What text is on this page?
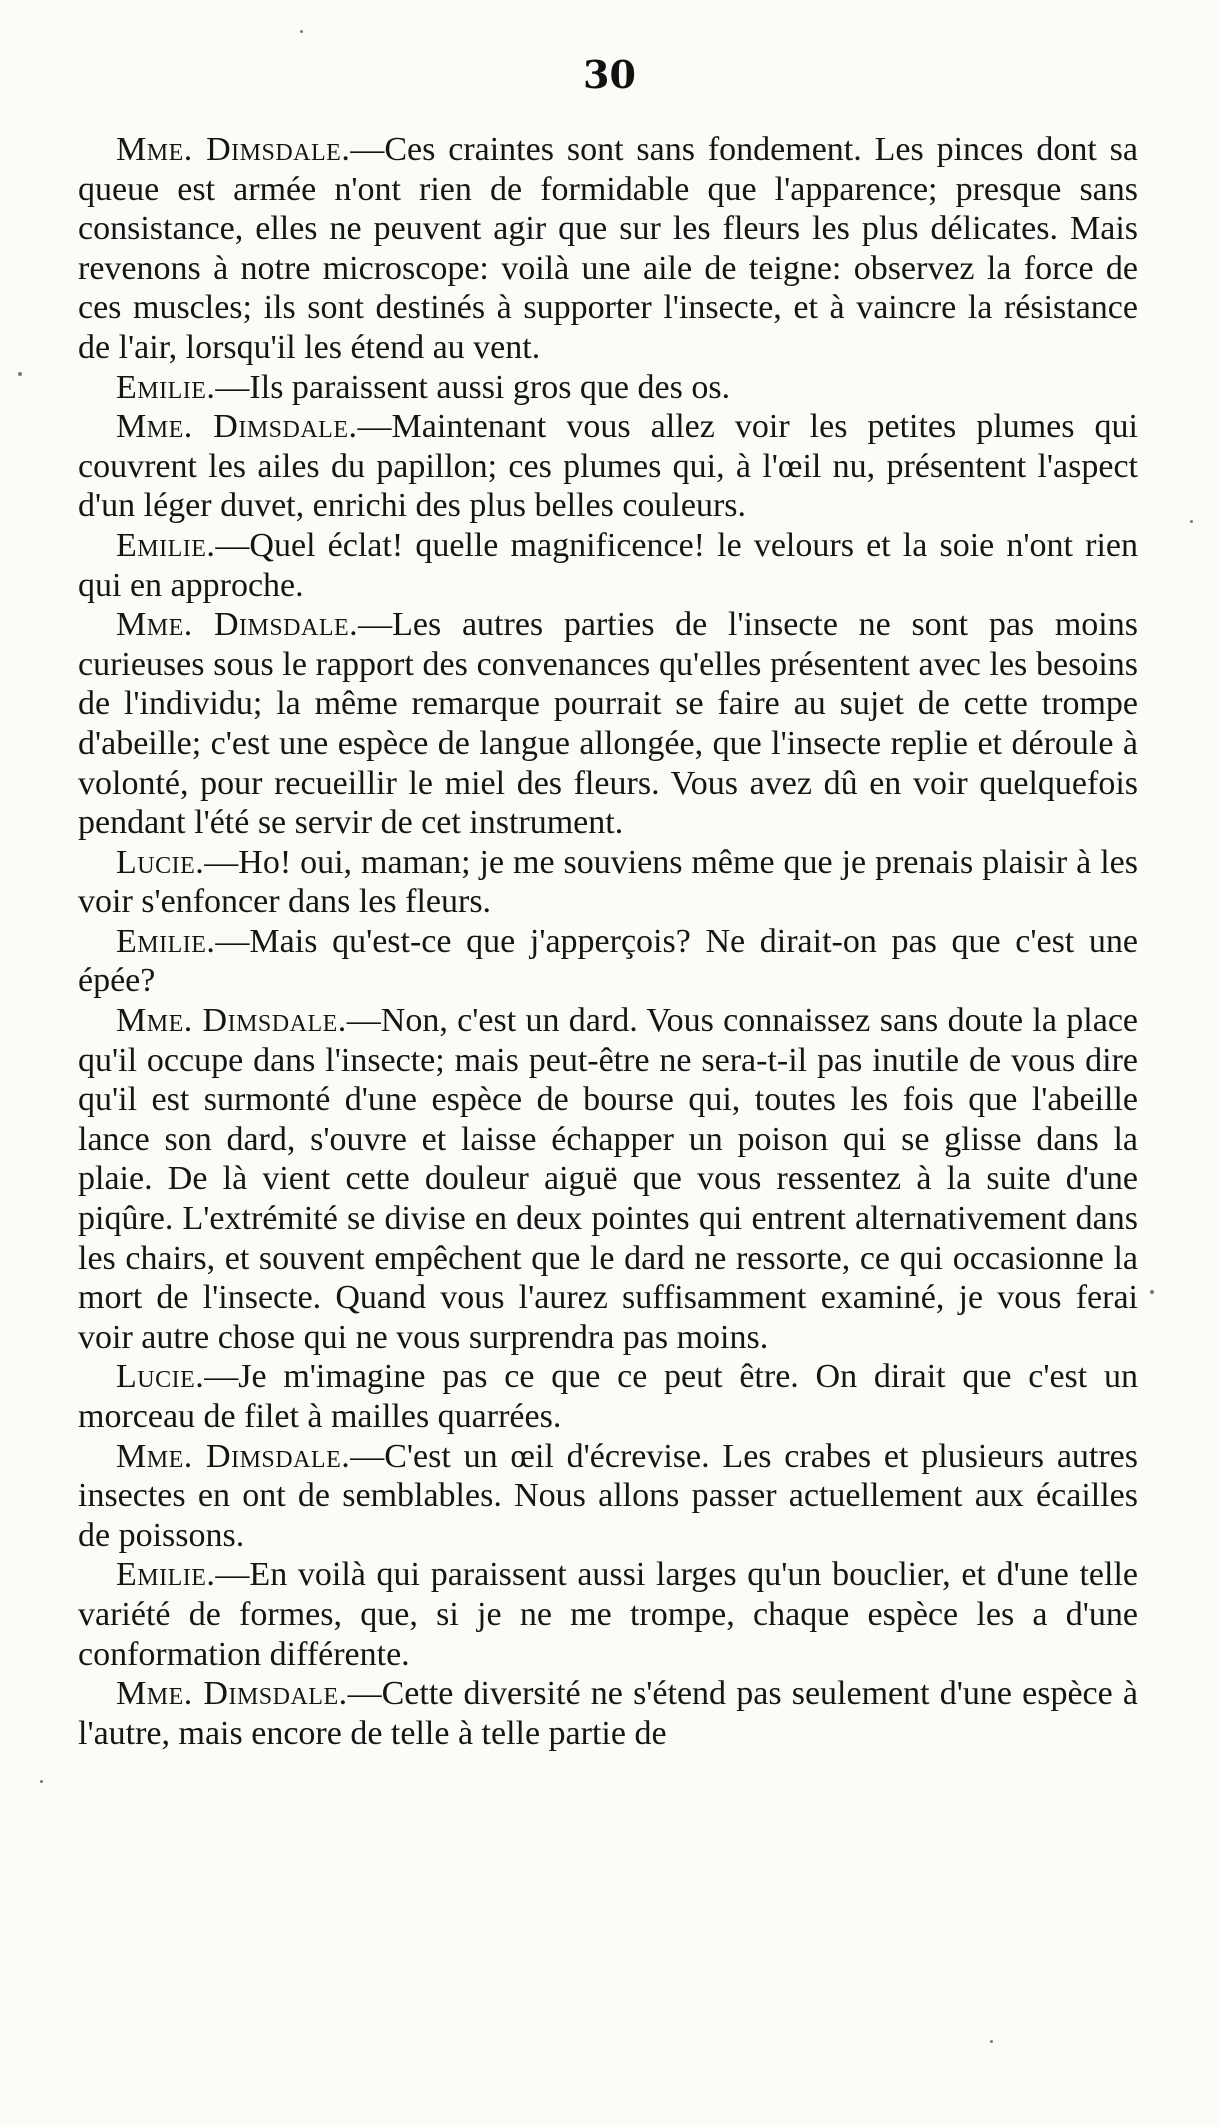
30

Mme. Dimsdale.—Ces craintes sont sans fondement. Les pinces dont sa queue est armée n'ont rien de formidable que l'apparence; presque sans consistance, elles ne peuvent agir que sur les fleurs les plus délicates. Mais revenons à notre microscope: voilà une aile de teigne: observez la force de ces muscles; ils sont destinés à supporter l'insecte, et à vaincre la résistance de l'air, lorsqu'il les étend au vent.

Emilie.—Ils paraissent aussi gros que des os.

Mme. Dimsdale.—Maintenant vous allez voir les petites plumes qui couvrent les ailes du papillon; ces plumes qui, à l'œil nu, présentent l'aspect d'un léger duvet, enrichi des plus belles couleurs.

Emilie.—Quel éclat! quelle magnificence! le velours et la soie n'ont rien qui en approche.

Mme. Dimsdale.—Les autres parties de l'insecte ne sont pas moins curieuses sous le rapport des convenances qu'elles présentent avec les besoins de l'individu; la même remarque pourrait se faire au sujet de cette trompe d'abeille; c'est une espèce de langue allongée, que l'insecte replie et déroule à volonté, pour recueillir le miel des fleurs. Vous avez dû en voir quelquefois pendant l'été se servir de cet instrument.

Lucie.—Ho! oui, maman; je me souviens même que je prenais plaisir à les voir s'enfoncer dans les fleurs.

Emilie.—Mais qu'est-ce que j'apperçois? Ne dirait-on pas que c'est une épée?

Mme. Dimsdale.—Non, c'est un dard. Vous connaissez sans doute la place qu'il occupe dans l'insecte; mais peut-être ne sera-t-il pas inutile de vous dire qu'il est surmonté d'une espèce de bourse qui, toutes les fois que l'abeille lance son dard, s'ouvre et laisse échapper un poison qui se glisse dans la plaie. De là vient cette douleur aiguë que vous ressentez à la suite d'une piqûre. L'extrémité se divise en deux pointes qui entrent alternativement dans les chairs, et souvent empêchent que le dard ne ressorte, ce qui occasionne la mort de l'insecte. Quand vous l'aurez suffisamment examiné, je vous ferai voir autre chose qui ne vous surprendra pas moins.

Lucie.—Je m'imagine pas ce que ce peut être. On dirait que c'est un morceau de filet à mailles quarrées.

Mme. Dimsdale.—C'est un œil d'écrevise. Les crabes et plusieurs autres insectes en ont de semblables. Nous allons passer actuellement aux écailles de poissons.

Emilie.—En voilà qui paraissent aussi larges qu'un bouclier, et d'une telle variété de formes, que, si je ne me trompe, chaque espèce les a d'une conformation différente.

Mme. Dimsdale.—Cette diversité ne s'étend pas seulement d'une espèce à l'autre, mais encore de telle à telle partie de
